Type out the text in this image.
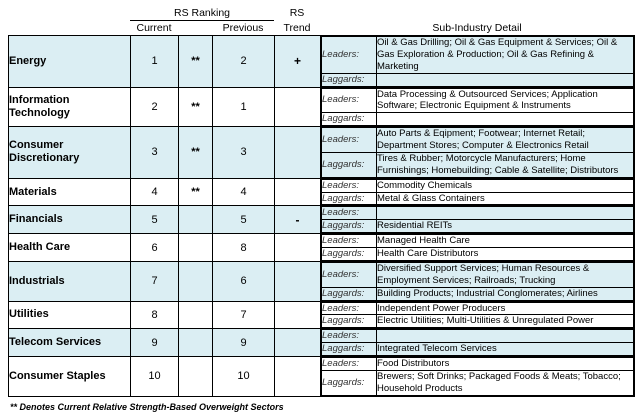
	RS Ranking			RS	
	Current		Previous	Trend	Sub-Industry Detail
Energy	1	**	2	+	Leaders:	Oil & Gas Drilling; Oil & Gas Equipment & Services; Oil & Gas Exploration & Production; Oil & Gas Refining & Marketing
Laggards:	

Information Technology	2	**	1		
Leaders:	Data Processing & Outsourced Services; Application Software; Electronic Equipment & Instruments
Laggards:	

Consumer Discretionary	3	**	3		
Leaders:	Auto Parts & Eqipment; Footwear; Internet Retail; Department Stores; Computer & Electronics Retail
Laggards:	Tires & Rubber; Motorcycle Manufacturers; Home Furnishings; Homebuilding; Cable & Satellite; Distributors

Materials	4	**	4		
Leaders:	Commodity Chemicals
Laggards:	Metal & Glass Containers

Financials	5		5	-	Leaders:	
Laggards:	Residential REITs

Health Care	6		8		
Leaders:	Managed Health Care
Laggards:	Health Care Distributors

Industrials	7		6		
Leaders:	Diversified Support Services; Human Resources & Employment Services; Railroads; Trucking
Laggards:	Building Products; Industrial Conglomerates; Airlines

Utilities	8		7		
Leaders:	Independent Power Producers
Laggards:	Electric Utilities; Multi-Utilities & Unregulated Power

Telecom Services	9		9		
Leaders:	
Laggards:	Integrated Telecom Services

Consumer Staples	10		10		
Leaders:	Food Distributors
Laggards:	Brewers; Soft Drinks; Packaged Foods & Meats; Tobacco; Household Products
** Denotes Current Relative Strength-Based Overweight Sectors
